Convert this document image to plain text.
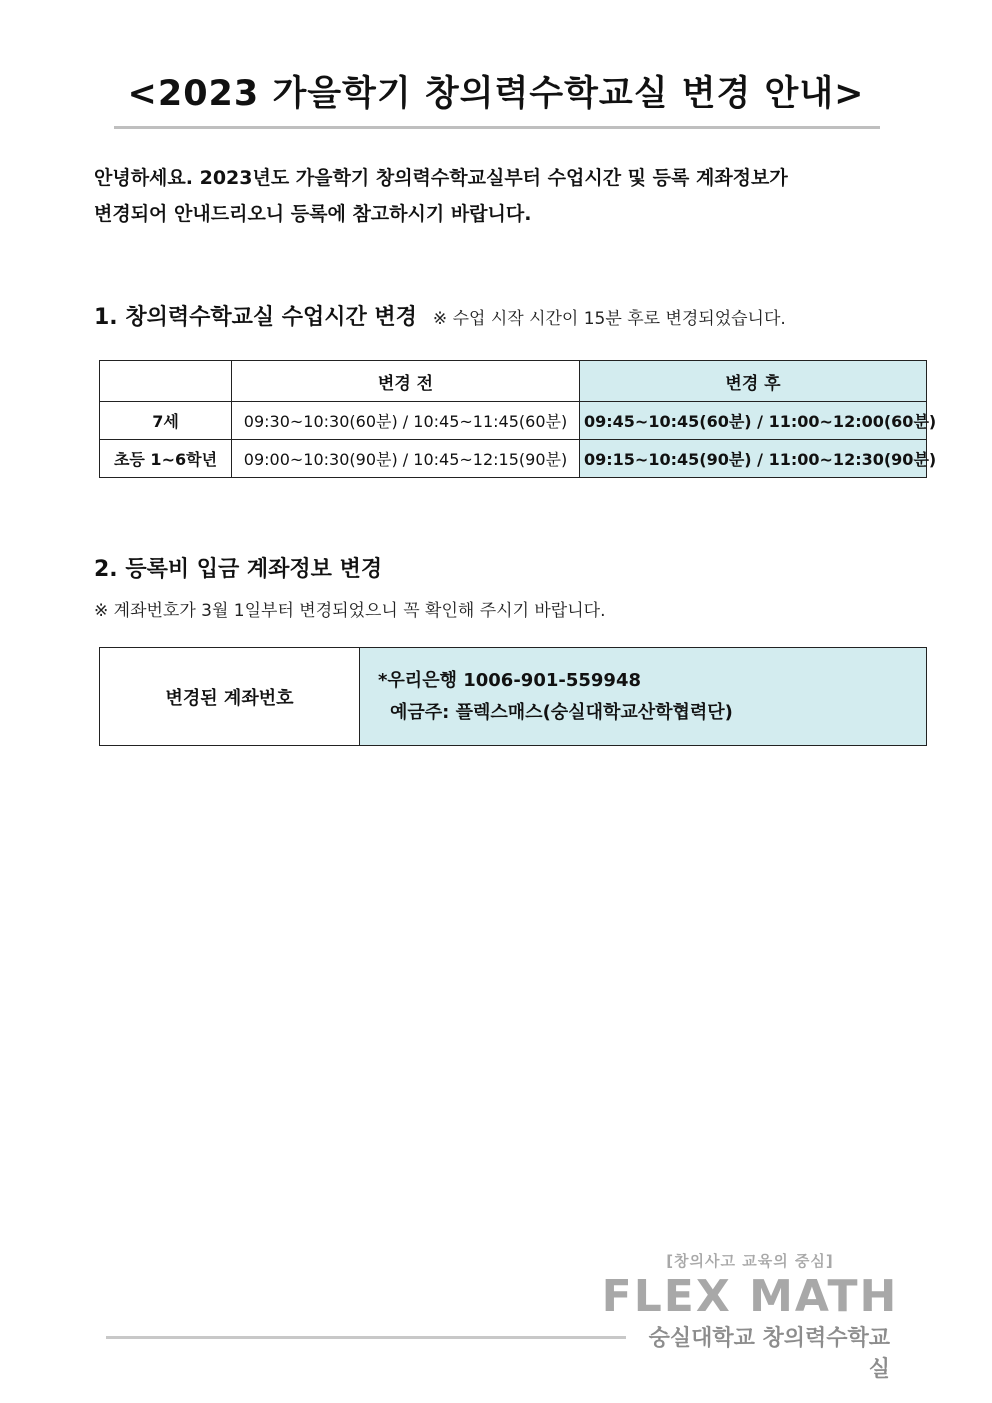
<2023 가을학기 창의력수학교실 변경 안내>

안녕하세요. 2023년도 가을학기 창의력수학교실부터 수업시간 및 등록 계좌정보가
변경되어 안내드리오니 등록에 참고하시기 바랍니다.

1. 창의력수학교실 수업시간 변경 ※ 수업 시작 시간이 15분 후로 변경되었습니다.
	변경 전	변경 후
7세	09:30~10:30(60분) / 10:45~11:45(60분)	09:45~10:45(60분) / 11:00~12:00(60분)
초등 1~6학년	09:00~10:30(90분) / 10:45~12:15(90분)	09:15~10:45(90분) / 11:00~12:30(90분)
2. 등록비 입금 계좌정보 변경

※ 계좌번호가 3월 1일부터 변경되었으니 꼭 확인해 주시기 바랍니다.

변경된 계좌번호	*우리은행 1006-901-559948
예금주: 플렉스매스(숭실대학교산학협력단)
[창의사고 교육의 중심]
FLEX MATH
숭실대학교 창의력수학교실
